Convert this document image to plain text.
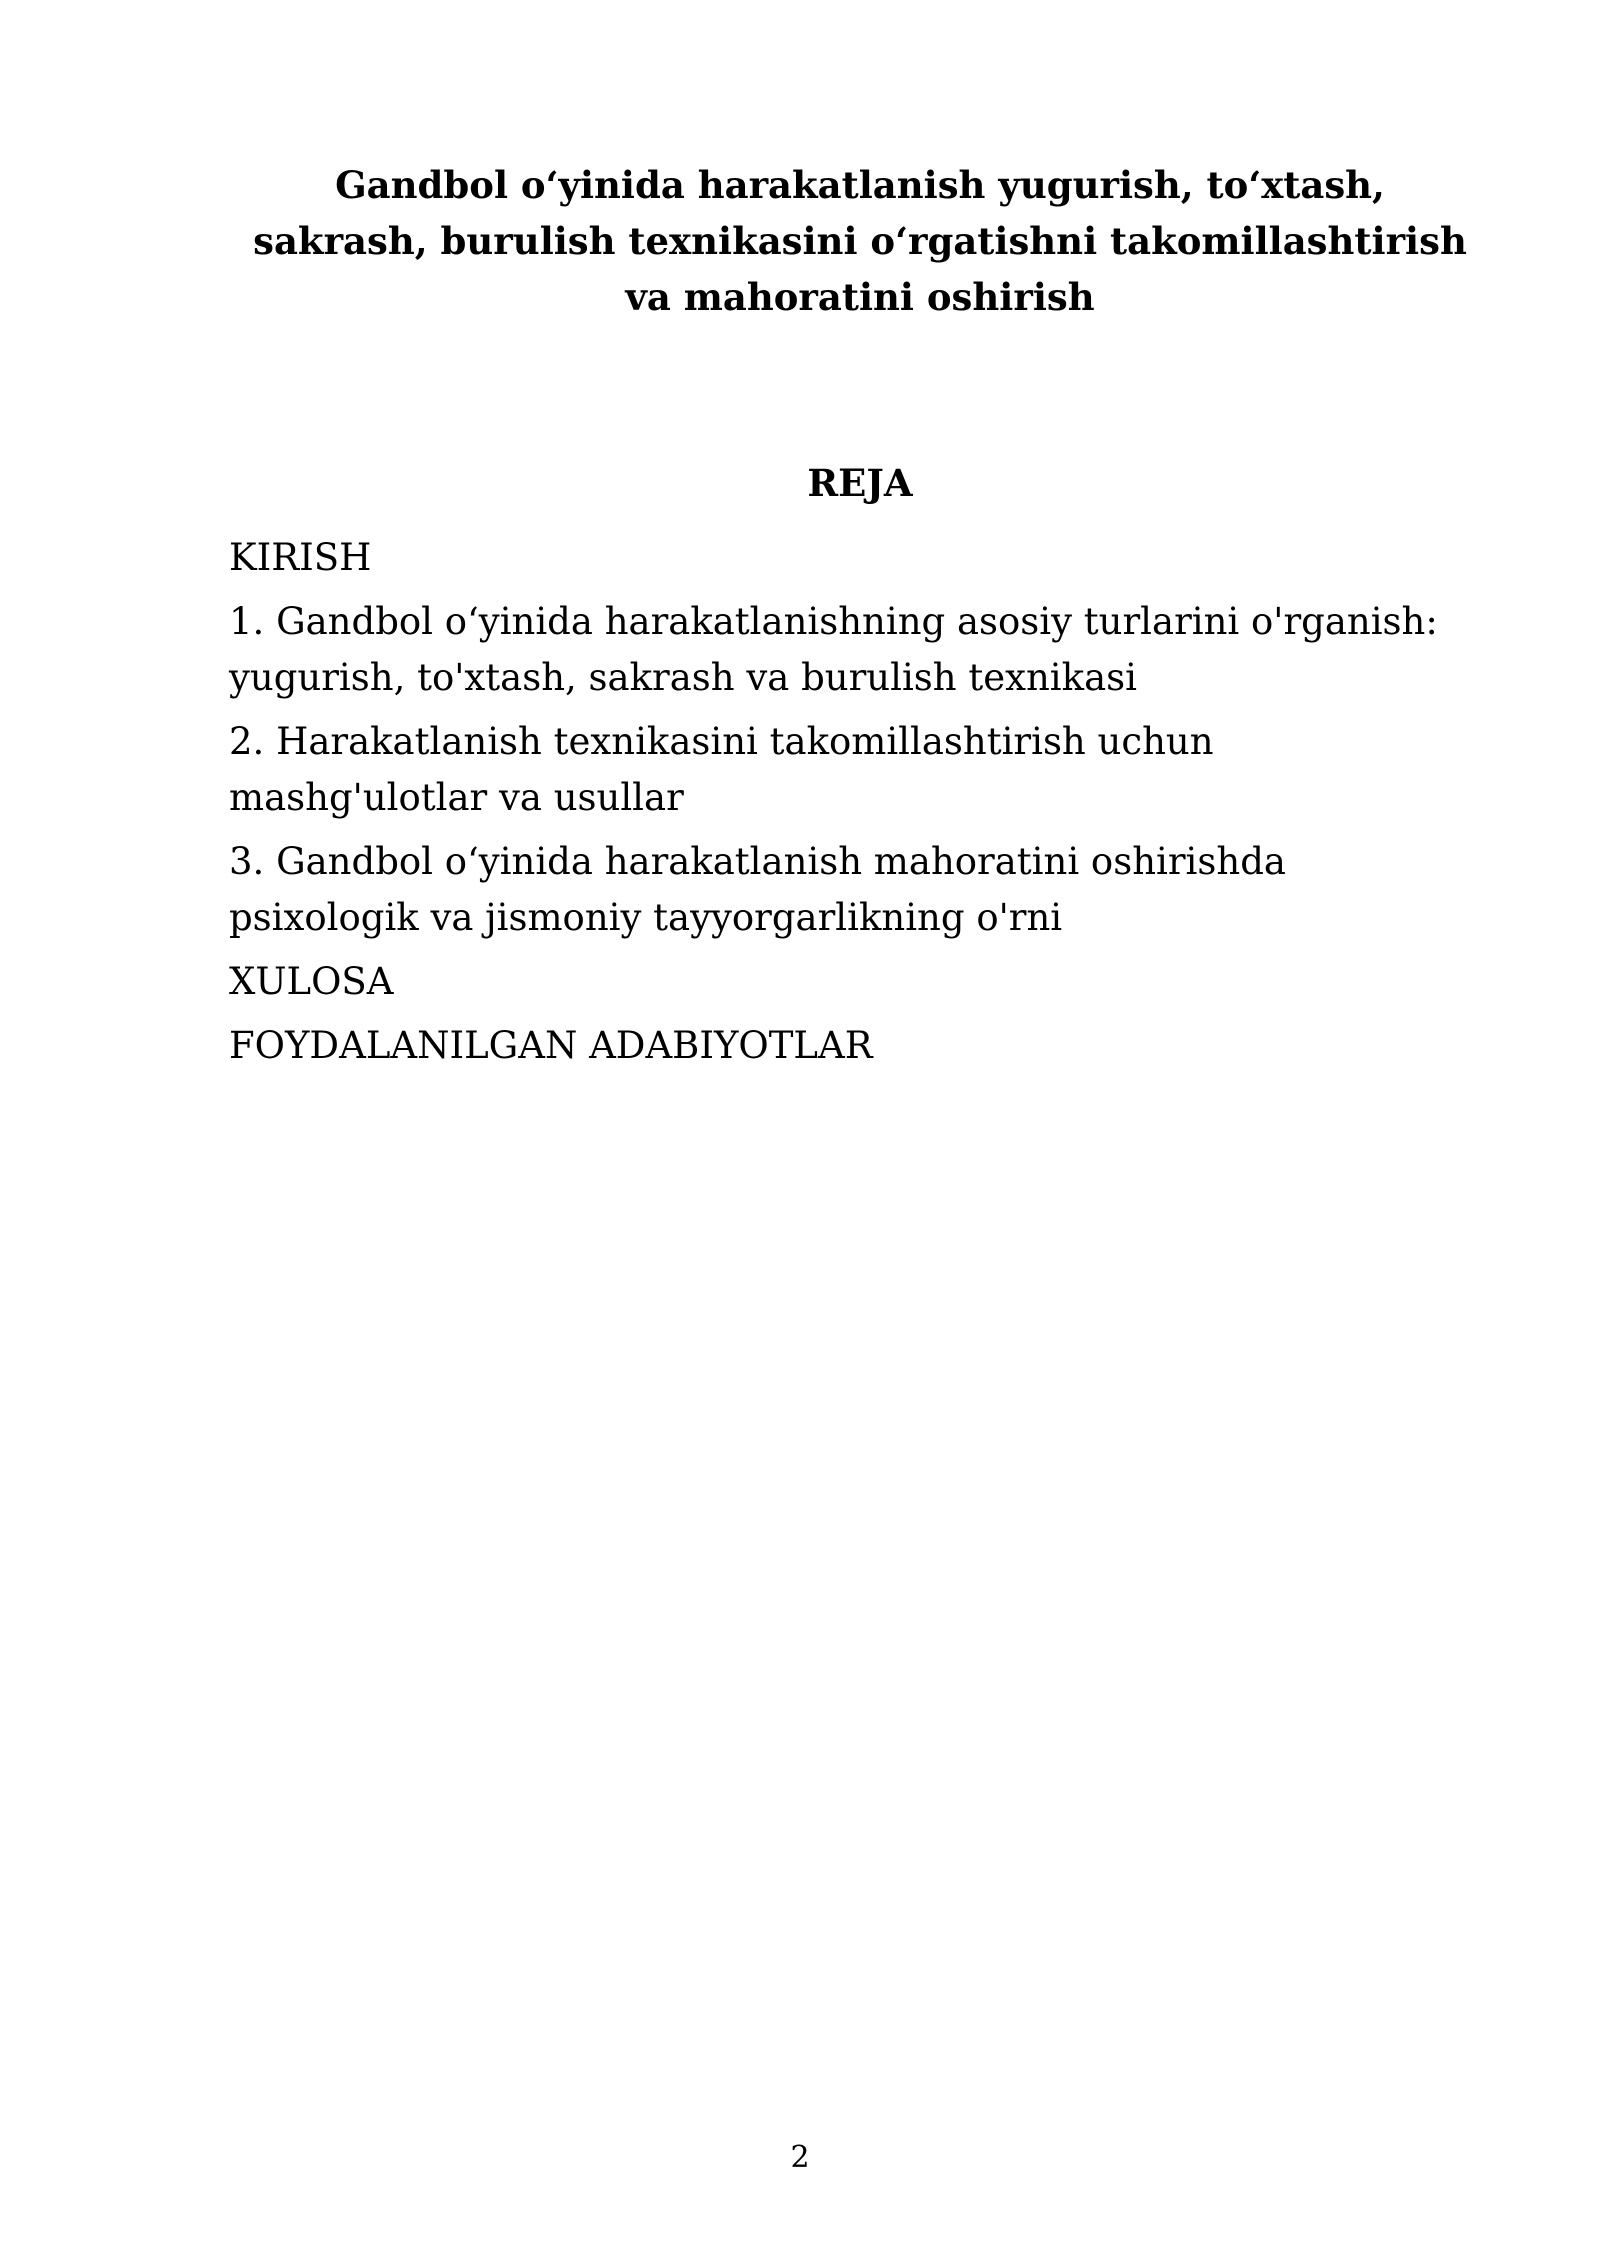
Gandbol o‘yinida harakatlanish yugurish, to‘xtash,
sakrash, burulish texnikasini o‘rgatishni takomillashtirish
va mahoratini oshirish
REJA
KIRISH
1. Gandbol o‘yinida harakatlanishning asosiy turlarini o'rganish:
yugurish, to'xtash, sakrash va burulish texnikasi
2. Harakatlanish texnikasini takomillashtirish uchun
mashg'ulotlar va usullar
3. Gandbol o‘yinida harakatlanish mahoratini oshirishda
psixologik va jismoniy tayyorgarlikning o'rni
XULOSA
FOYDALANILGAN ADABIYOTLAR
2
